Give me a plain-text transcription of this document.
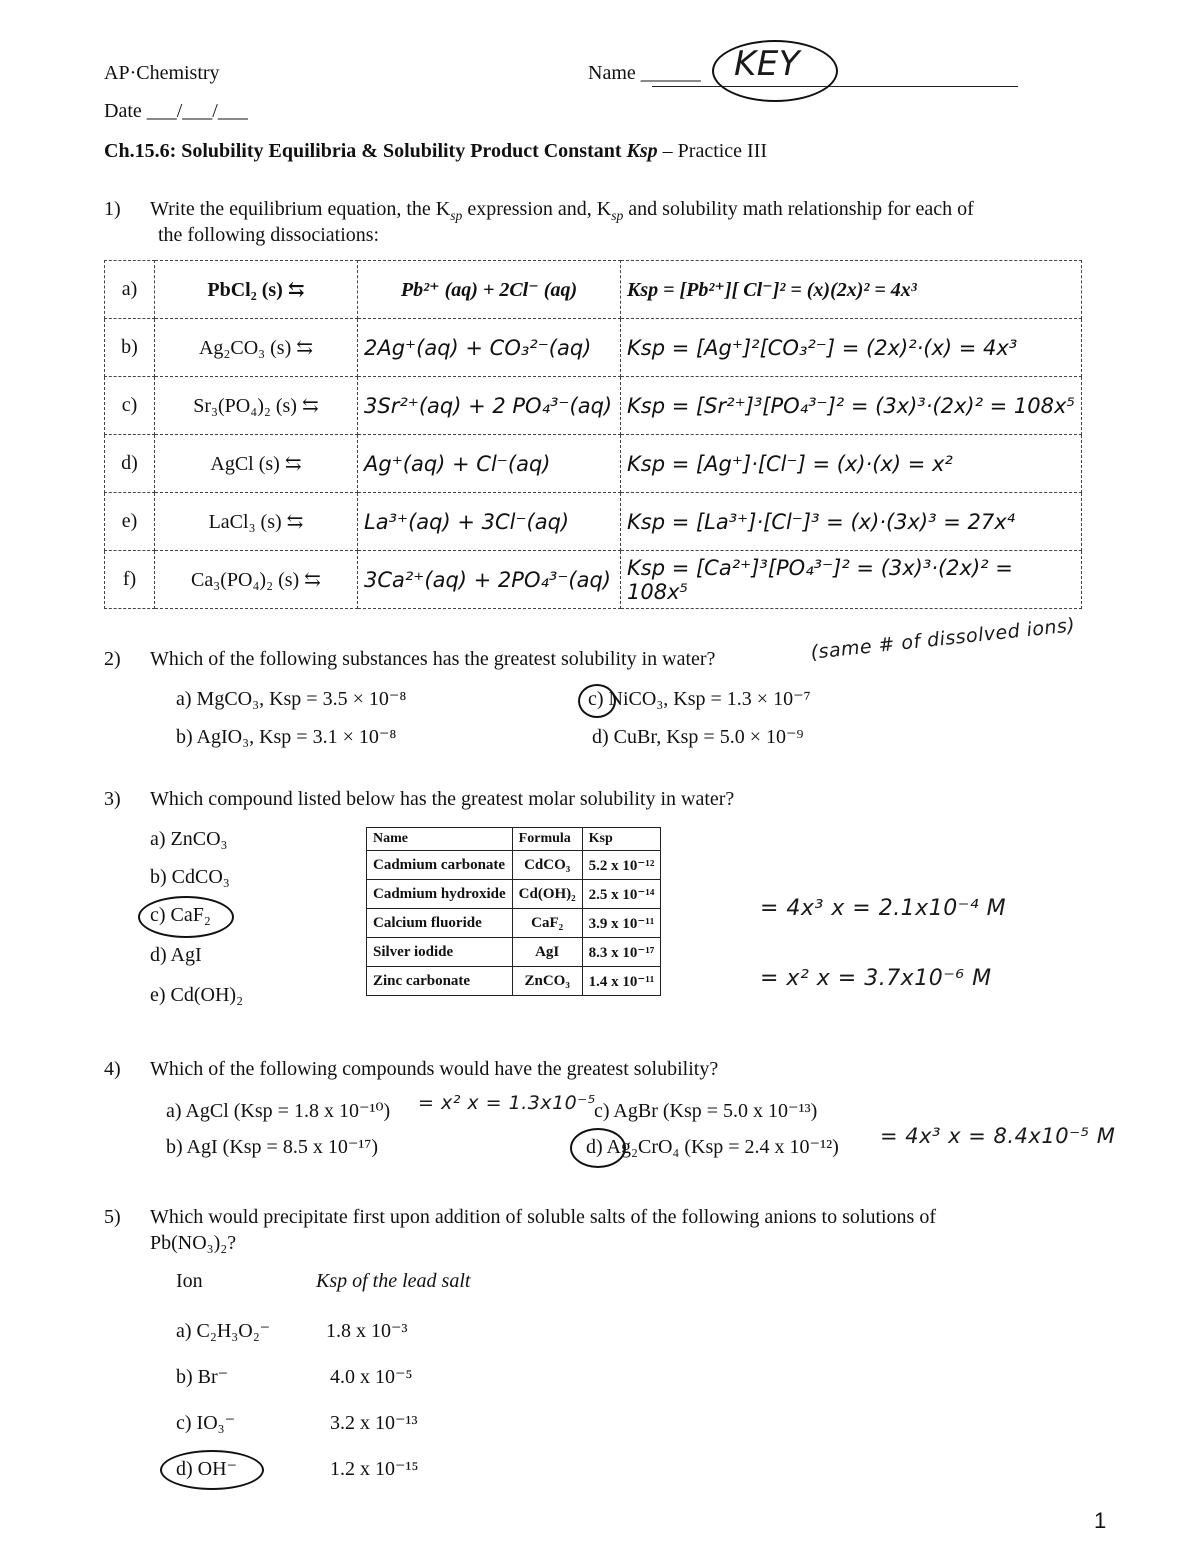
AP·Chemistry	Name ______ KEY
Date ___/___/___
Ch.15.6: Solubility Equilibria & Solubility Product Constant Ksp – Practice III
1) Write the equilibrium equation, the $K_{sp}$ expression and, $K_{sp}$ and solubility math relationship for each of
the following dissociations:
a)	PbCl₂ (s) ⇆	Pb²⁺ (aq) + 2Cl⁻ (aq)	Ksp = [Pb²⁺][ Cl⁻]² = (x)(2x)² = 4x³
b)	Ag₂CO₃ (s) ⇆	2Ag⁺(aq) + CO₃²⁻(aq)	Ksp = [Ag⁺]²[CO₃²⁻] = (2x)²·(x) = 4x³
c)	Sr₃(PO₄)₂ (s) ⇆	3Sr²⁺(aq) + 2 PO₄³⁻(aq)	Ksp = [Sr²⁺]³[PO₄³⁻]² = (3x)³·(2x)² = 108x⁵
d)	AgCl (s) ⇆	Ag⁺(aq) + Cl⁻(aq)	Ksp = [Ag⁺]·[Cl⁻] = (x)·(x) = x²
e)	LaCl₃ (s) ⇆	La³⁺(aq) + 3Cl⁻(aq)	Ksp = [La³⁺]·[Cl⁻]³ = (x)·(3x)³ = 27x⁴
f)	Ca₃(PO₄)₂ (s) ⇆	3Ca²⁺(aq) + 2PO₄³⁻(aq)	Ksp = [Ca²⁺]³[PO₄³⁻]² = (3x)³·(2x)² = 108x⁵
2) Which of the following substances has the greatest solubility in water?	(same # of dissolved ions)
a) MgCO₃, Ksp = 3.5 × 10⁻⁸
b) AgIO₃, Ksp = 3.1 × 10⁻⁸
c) NiCO₃, Ksp = 1.3 × 10⁻⁷
d) CuBr, Ksp = 5.0 × 10⁻⁹
3) Which compound listed below has the greatest molar solubility in water?
a) ZnCO₃
b) CdCO₃
c) CaF₂
d) AgI
e) Cd(OH)₂
Name	Formula	Ksp
Cadmium carbonate	CdCO₃	5.2 x 10⁻¹²
Cadmium hydroxide	Cd(OH)₂	2.5 x 10⁻¹⁴
Calcium fluoride	CaF₂	3.9 x 10⁻¹¹
Silver iodide	AgI	8.3 x 10⁻¹⁷
Zinc carbonate	ZnCO₃	1.4 x 10⁻¹¹
= 4x³ x = 2.1x10⁻⁴ M
= x² x = 3.7x10⁻⁶ M
4) Which of the following compounds would have the greatest solubility?
a) AgCl (Ksp = 1.8 x 10⁻¹⁰) = x² x = 1.3x10⁻⁵
c) AgBr (Ksp = 5.0 x 10⁻¹³)
b) AgI (Ksp = 8.5 x 10⁻¹⁷)	d) Ag₂CrO₄ (Ksp = 2.4 x 10⁻¹²) = 4x³ x = 8.4x10⁻⁵ M
5) Which would precipitate first upon addition of soluble salts of the following anions to solutions of
Pb(NO₃)₂?
Ion	Ksp of the lead salt
a) C₂H₃O₂⁻	1.8 x 10⁻³
b) Br⁻	4.0 x 10⁻⁵
c) IO₃⁻	3.2 x 10⁻¹³
d) OH⁻	1.2 x 10⁻¹⁵
1
